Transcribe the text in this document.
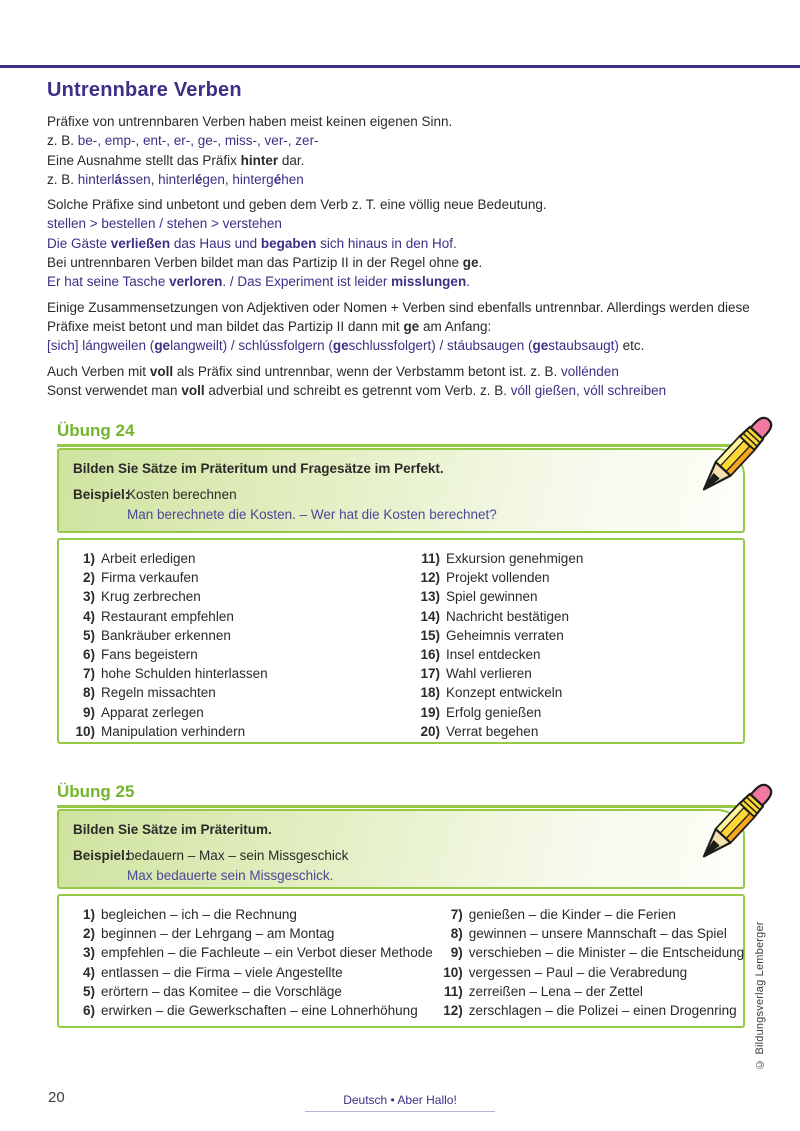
Untrennbare Verben
Präfixe von untrennbaren Verben haben meist keinen eigenen Sinn.
z. B. be-, emp-, ent-, er-, ge-, miss-, ver-, zer-
Eine Ausnahme stellt das Präfix hinter dar.
z. B. hinterlássen, hinterlégen, hintergéhen
Solche Präfixe sind unbetont und geben dem Verb z. T. eine völlig neue Bedeutung.
stellen > bestellen / stehen > verstehen
Die Gäste verließen das Haus und begaben sich hinaus in den Hof.
Bei untrennbaren Verben bildet man das Partizip II in der Regel ohne ge.
Er hat seine Tasche verloren. / Das Experiment ist leider misslungen.
Einige Zusammensetzungen von Adjektiven oder Nomen + Verben sind ebenfalls untrennbar. Allerdings werden diese Präfixe meist betont und man bildet das Partizip II dann mit ge am Anfang:
[sich] lángweilen (gelangweilt) / schlússfolgern (geschlussfolgert) / stáubsaugen (gestaubsaugt) etc.
Auch Verben mit voll als Präfix sind untrennbar, wenn der Verbstamm betont ist. z. B. vollénden
Sonst verwendet man voll adverbial und schreibt es getrennt vom Verb. z. B. vóll gießen, vóll schreiben
Übung 24
Bilden Sie Sätze im Präteritum und Fragesätze im Perfekt.
Beispiel:
Kosten berechnen
Man berechnete die Kosten. – Wer hat die Kosten berechnet?
1) Arbeit erledigen
2) Firma verkaufen
3) Krug zerbrechen
4) Restaurant empfehlen
5) Bankräuber erkennen
6) Fans begeistern
7) hohe Schulden hinterlassen
8) Regeln missachten
9) Apparat zerlegen
10) Manipulation verhindern
11) Exkursion genehmigen
12) Projekt vollenden
13) Spiel gewinnen
14) Nachricht bestätigen
15) Geheimnis verraten
16) Insel entdecken
17) Wahl verlieren
18) Konzept entwickeln
19) Erfolg genießen
20) Verrat begehen
Übung 25
Bilden Sie Sätze im Präteritum.
Beispiel:
bedauern – Max – sein Missgeschick
Max bedauerte sein Missgeschick.
1) begleichen – ich – die Rechnung
2) beginnen – der Lehrgang – am Montag
3) empfehlen – die Fachleute – ein Verbot dieser Methode
4) entlassen – die Firma – viele Angestellte
5) erörtern – das Komitee – die Vorschläge
6) erwirken – die Gewerkschaften – eine Lohnerhöhung
7) genießen – die Kinder – die Ferien
8) gewinnen – unsere Mannschaft – das Spiel
9) verschieben – die Minister – die Entscheidung
10) vergessen – Paul – die Verabredung
11) zerreißen – Lena – der Zettel
12) zerschlagen – die Polizei – einen Drogenring © Bildungsverlag Lemberger
20	Deutsch • Aber Hallo!
